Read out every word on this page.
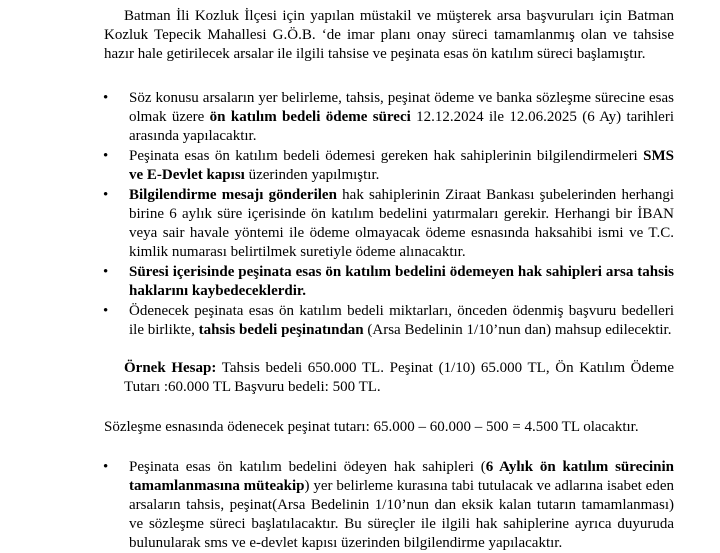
Batman İli Kozluk İlçesi için yapılan müstakil ve müşterek arsa başvuruları için Batman Kozluk Tepecik Mahallesi G.Ö.B. ‘de imar planı onay süreci tamamlanmış olan ve tahsise hazır hale getirilecek arsalar ile ilgili tahsise ve peşinata esas ön katılım süreci başlamıştır.

• Söz konusu arsaların yer belirleme, tahsis, peşinat ödeme ve banka sözleşme sürecine esas olmak üzere ön katılım bedeli ödeme süreci 12.12.2024 ile 12.06.2025 (6 Ay) tarihleri arasında yapılacaktır.
• Peşinata esas ön katılım bedeli ödemesi gereken hak sahiplerinin bilgilendirmeleri SMS ve E-Devlet kapısı üzerinden yapılmıştır.
• Bilgilendirme mesajı gönderilen hak sahiplerinin Ziraat Bankası şubelerinden herhangi birine 6 aylık süre içerisinde ön katılım bedelini yatırmaları gerekir. Herhangi bir İBAN veya sair havale yöntemi ile ödeme olmayacak ödeme esnasında haksahibi ismi ve T.C. kimlik numarası belirtilmek suretiyle ödeme alınacaktır.
• Süresi içerisinde peşinata esas ön katılım bedelini ödemeyen hak sahipleri arsa tahsis haklarını kaybedeceklerdir.
• Ödenecek peşinata esas ön katılım bedeli miktarları, önceden ödenmiş başvuru bedelleri ile birlikte, tahsis bedeli peşinatından (Arsa Bedelinin 1/10’nun dan) mahsup edilecektir.

Örnek Hesap: Tahsis bedeli 650.000 TL. Peşinat (1/10) 65.000 TL, Ön Katılım Ödeme Tutarı :60.000 TL Başvuru bedeli: 500 TL.

Sözleşme esnasında ödenecek peşinat tutarı: 65.000 – 60.000 – 500 = 4.500 TL olacaktır.

• Peşinata esas ön katılım bedelini ödeyen hak sahipleri (6 Aylık ön katılım sürecinin tamamlanmasına müteakip) yer belirleme kurasına tabi tutulacak ve adlarına isabet eden arsaların tahsis, peşinat(Arsa Bedelinin 1/10’nun dan eksik kalan tutarın tamamlanması) ve sözleşme süreci başlatılacaktır. Bu süreçler ile ilgili hak sahiplerine ayrıca duyuruda bulunularak sms ve e-devlet kapısı üzerinden bilgilendirme yapılacaktır.
